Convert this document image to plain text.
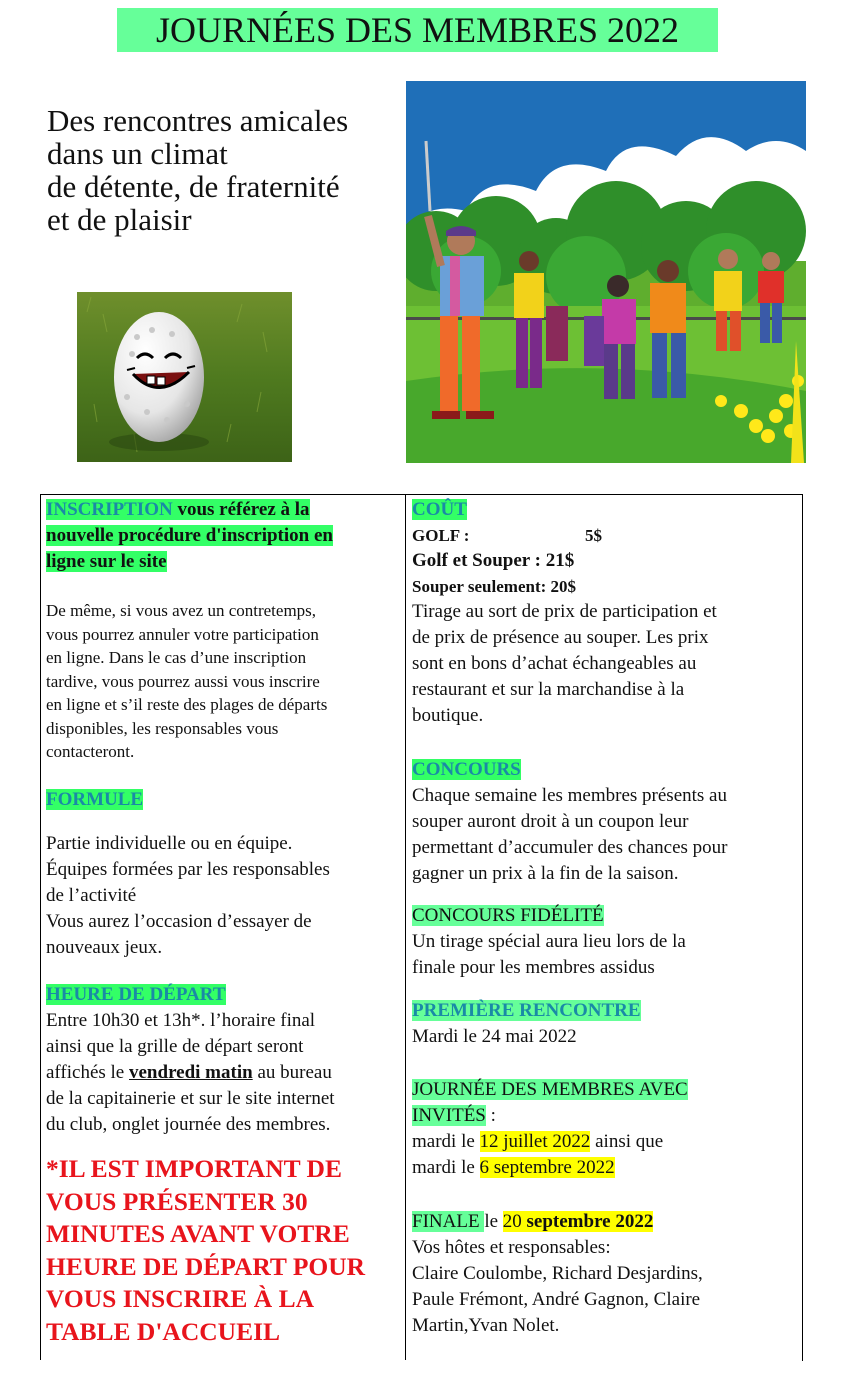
JOURNÉES DES MEMBRES 2022
Des rencontres amicales
dans un climat
de détente, de fraternité
et de plaisir
INSCRIPTION vous référez à la
nouvelle procédure d'inscription en
ligne sur le site
De même, si vous avez un contretemps,
vous pourrez annuler votre participation
en ligne. Dans le cas d’une inscription
tardive, vous pourrez aussi vous inscrire
en ligne et s’il reste des plages de départs
disponibles, les responsables vous
contacteront.
FORMULE
Partie individuelle ou en équipe.
Équipes formées par les responsables
de l’activité
Vous aurez l’occasion d’essayer de
nouveaux jeux.
HEURE DE DÉPART
Entre 10h30 et 13h*. l’horaire final
ainsi que la grille de départ seront
affichés le vendredi matin au bureau
de la capitainerie et sur le site internet
du club, onglet journée des membres.
*IL EST IMPORTANT DE
VOUS PRÉSENTER 30
MINUTES AVANT VOTRE
HEURE DE DÉPART POUR
VOUS INSCRIRE À LA
TABLE D'ACCUEIL
COÛT
GOLF :	5$
Golf et Souper : 21$
Souper seulement: 20$
Tirage au sort de prix de participation et
de prix de présence au souper. Les prix
sont en bons d’achat échangeables au
restaurant et sur la marchandise à la
boutique.
CONCOURS
Chaque semaine les membres présents au
souper auront droit à un coupon leur
permettant d’accumuler des chances pour
gagner un prix à la fin de la saison.
CONCOURS FIDÉLITÉ
Un tirage spécial aura lieu lors de la
finale pour les membres assidus
PREMIÈRE RENCONTRE
Mardi le 24 mai 2022
JOURNÉE DES MEMBRES AVEC
INVITÉS :
mardi le 12 juillet 2022 ainsi que
mardi le 6 septembre 2022
FINALE le 20 septembre 2022
Vos hôtes et responsables:
Claire Coulombe, Richard Desjardins,
Paule Frémont, André Gagnon, Claire
Martin,Yvan Nolet.
